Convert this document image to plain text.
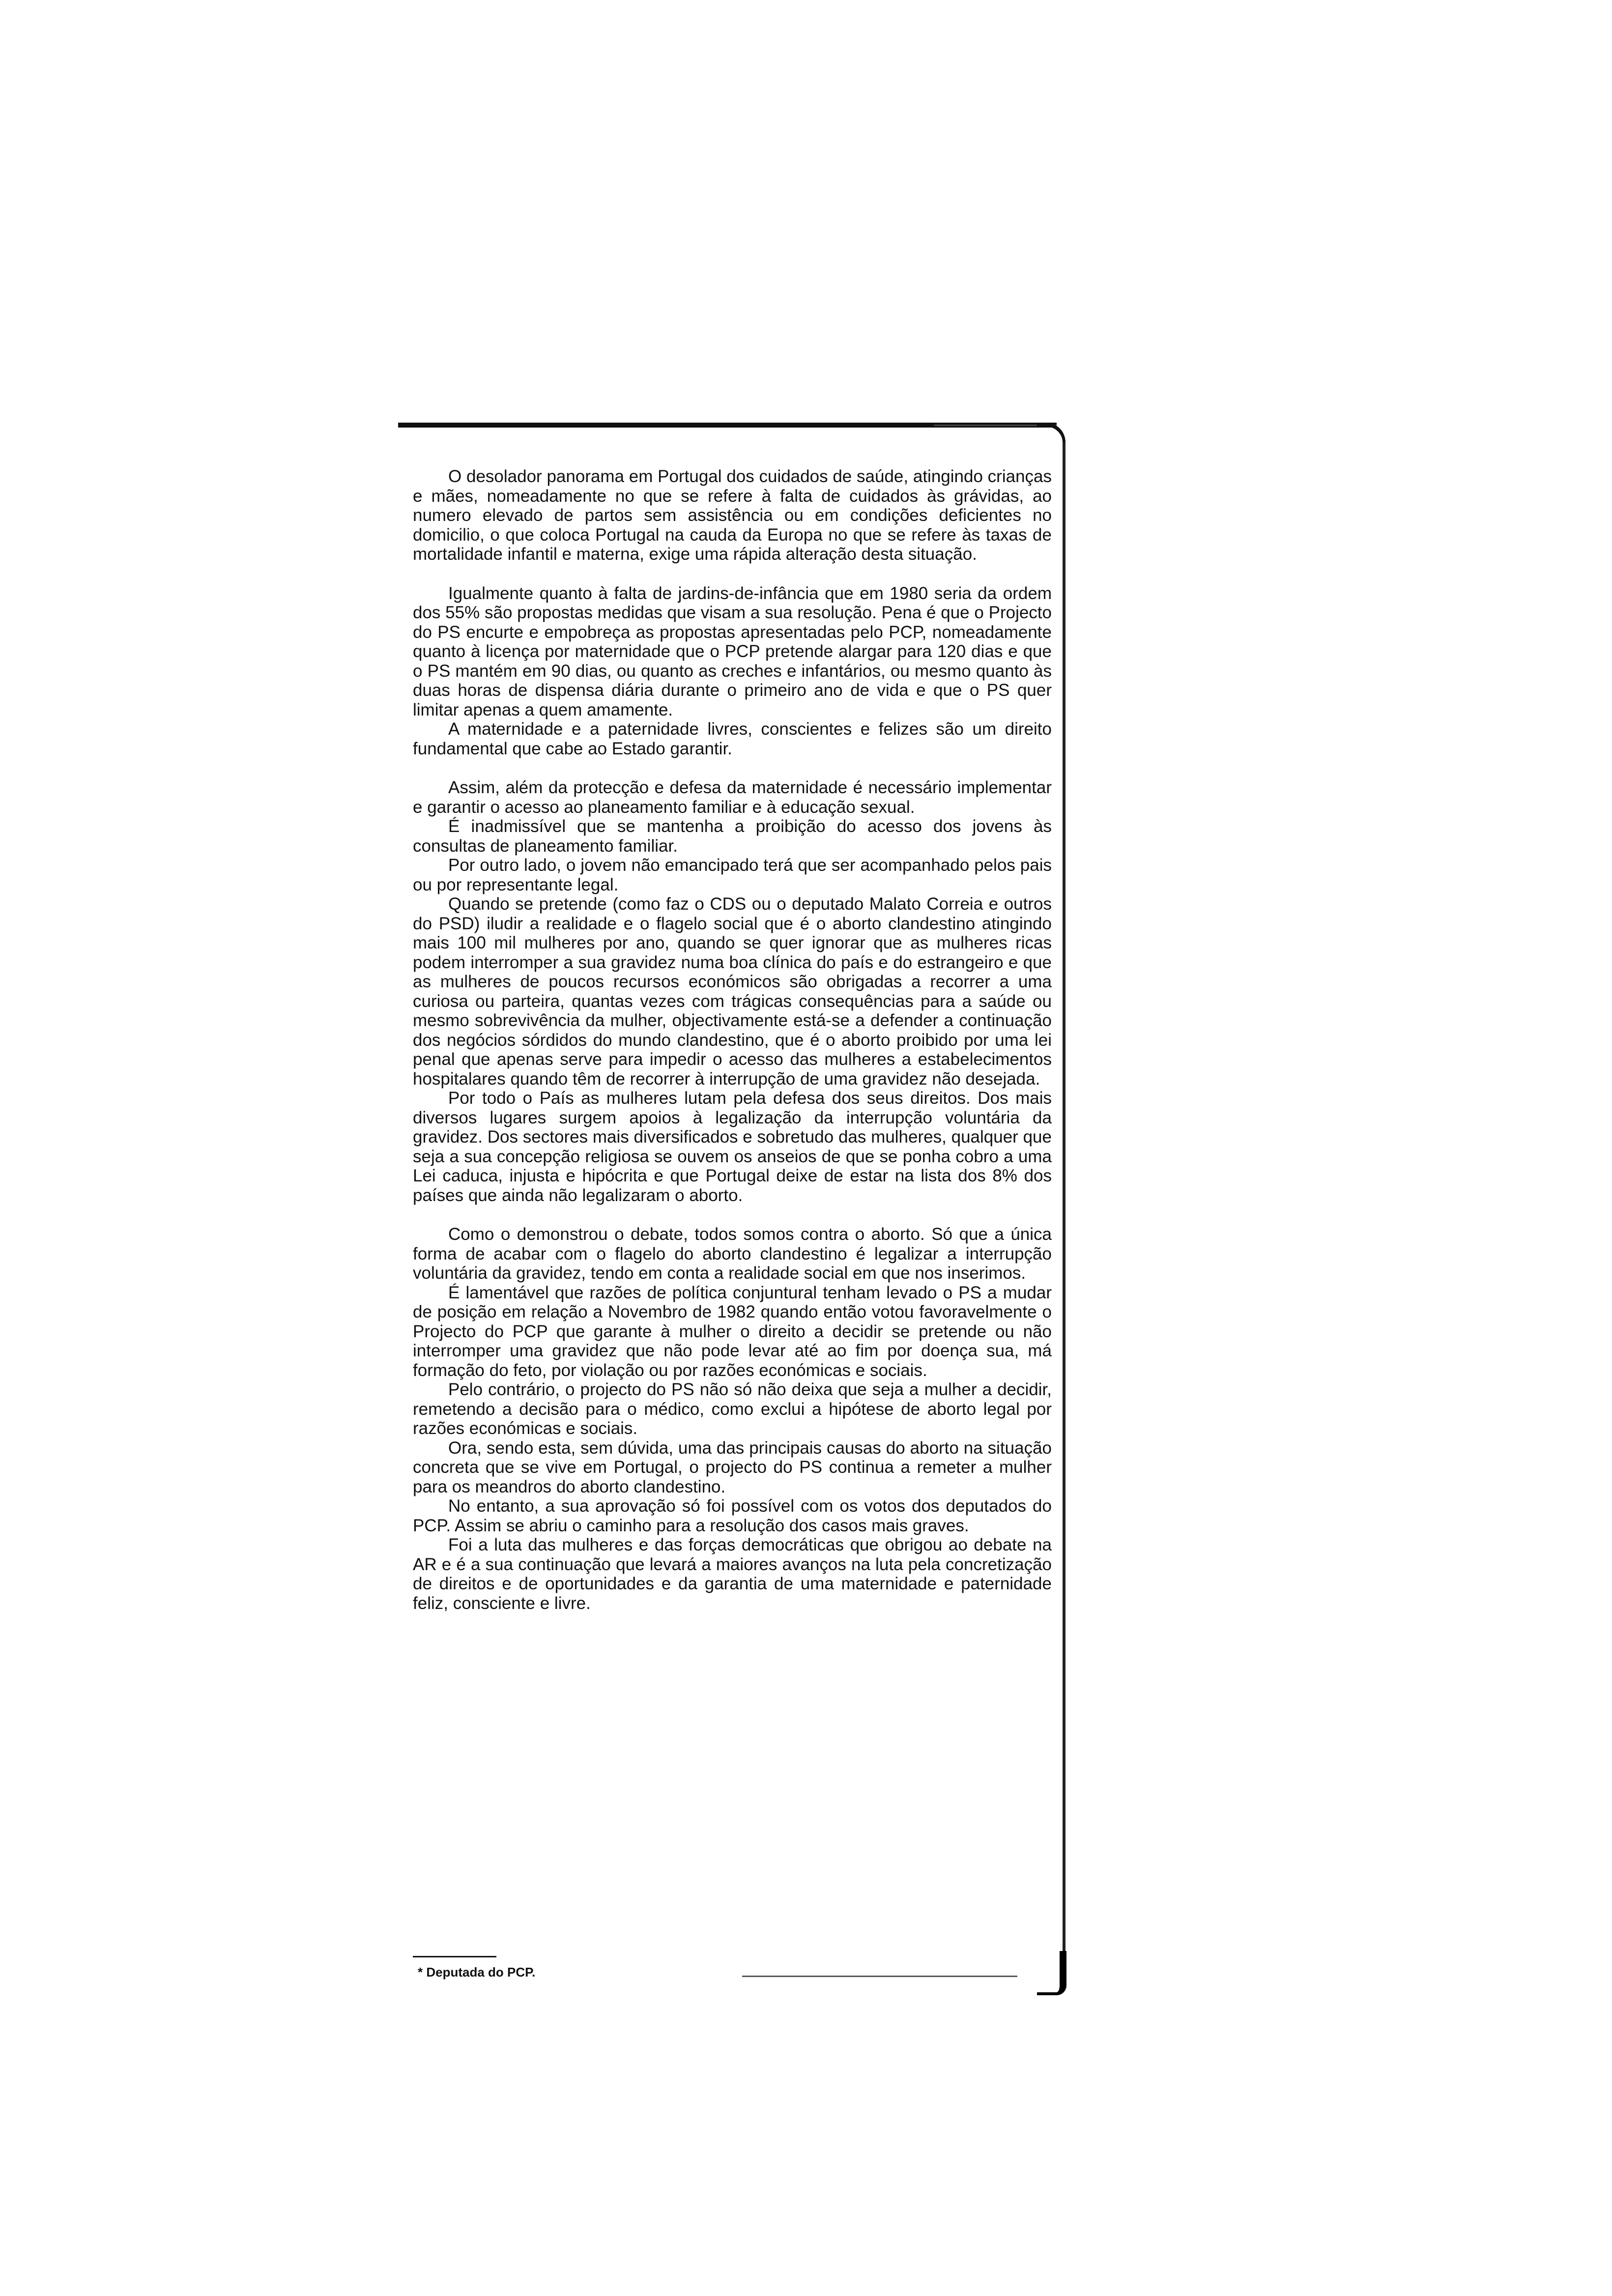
O desolador panorama em Portugal dos cuidados de saúde, atingindo crianças e mães, nomeadamente no que se refere à falta de cuidados às grávidas, ao numero elevado de partos sem assistência ou em condições deficientes no domicilio, o que coloca Portugal na cauda da Europa no que se refere às taxas de mortalidade infantil e materna, exige uma rápida alteração desta situação.

Igualmente quanto à falta de jardins-de-infância que em 1980 seria da ordem dos 55% são propostas medidas que visam a sua resolução. Pena é que o Projecto do PS encurte e empobreça as propostas apresentadas pelo PCP, nomeadamente quanto à licença por maternidade que o PCP pretende alargar para 120 dias e que o PS mantém em 90 dias, ou quanto as creches e infantários, ou mesmo quanto às duas horas de dispensa diária durante o primeiro ano de vida e que o PS quer limitar apenas a quem amamente.

A maternidade e a paternidade livres, conscientes e felizes são um direito fundamental que cabe ao Estado garantir.

Assim, além da protecção e defesa da maternidade é necessário implementar e garantir o acesso ao planeamento familiar e à educação sexual.

É inadmissível que se mantenha a proibição do acesso dos jovens às consultas de planeamento familiar.

Por outro lado, o jovem não emancipado terá que ser acompanhado pelos pais ou por representante legal.

Quando se pretende (como faz o CDS ou o deputado Malato Correia e outros do PSD) iludir a realidade e o flagelo social que é o aborto clandestino atingindo mais 100 mil mulheres por ano, quando se quer ignorar que as mulheres ricas podem interromper a sua gravidez numa boa clínica do país e do estrangeiro e que as mulheres de poucos recursos económicos são obrigadas a recorrer a uma curiosa ou parteira, quantas vezes com trágicas consequências para a saúde ou mesmo sobrevivência da mulher, objectivamente está-se a defender a continuação dos negócios sórdidos do mundo clandestino, que é o aborto proibido por uma lei penal que apenas serve para impedir o acesso das mulheres a estabelecimentos hospitalares quando têm de recorrer à interrupção de uma gravidez não desejada.

Por todo o País as mulheres lutam pela defesa dos seus direitos. Dos mais diversos lugares surgem apoios à legalização da interrupção voluntária da gravidez. Dos sectores mais diversificados e sobretudo das mulheres, qualquer que seja a sua concepção religiosa se ouvem os anseios de que se ponha cobro a uma Lei caduca, injusta e hipócrita e que Portugal deixe de estar na lista dos 8% dos países que ainda não legalizaram o aborto.

Como o demonstrou o debate, todos somos contra o aborto. Só que a única forma de acabar com o flagelo do aborto clandestino é legalizar a interrupção voluntária da gravidez, tendo em conta a realidade social em que nos inserimos.

É lamentável que razões de política conjuntural tenham levado o PS a mudar de posição em relação a Novembro de 1982 quando então votou favoravelmente o Projecto do PCP que garante à mulher o direito a decidir se pretende ou não interromper uma gravidez que não pode levar até ao fim por doença sua, má formação do feto, por violação ou por razões económicas e sociais.

Pelo contrário, o projecto do PS não só não deixa que seja a mulher a decidir, remetendo a decisão para o médico, como exclui a hipótese de aborto legal por razões económicas e sociais.

Ora, sendo esta, sem dúvida, uma das principais causas do aborto na situação concreta que se vive em Portugal, o projecto do PS continua a remeter a mulher para os meandros do aborto clandestino.

No entanto, a sua aprovação só foi possível com os votos dos deputados do PCP. Assim se abriu o caminho para a resolução dos casos mais graves.

Foi a luta das mulheres e das forças democráticas que obrigou ao debate na AR e é a sua continuação que levará a maiores avanços na luta pela concretização de direitos e de oportunidades e da garantia de uma maternidade e paternidade feliz, consciente e livre.

* Deputada do PCP.
